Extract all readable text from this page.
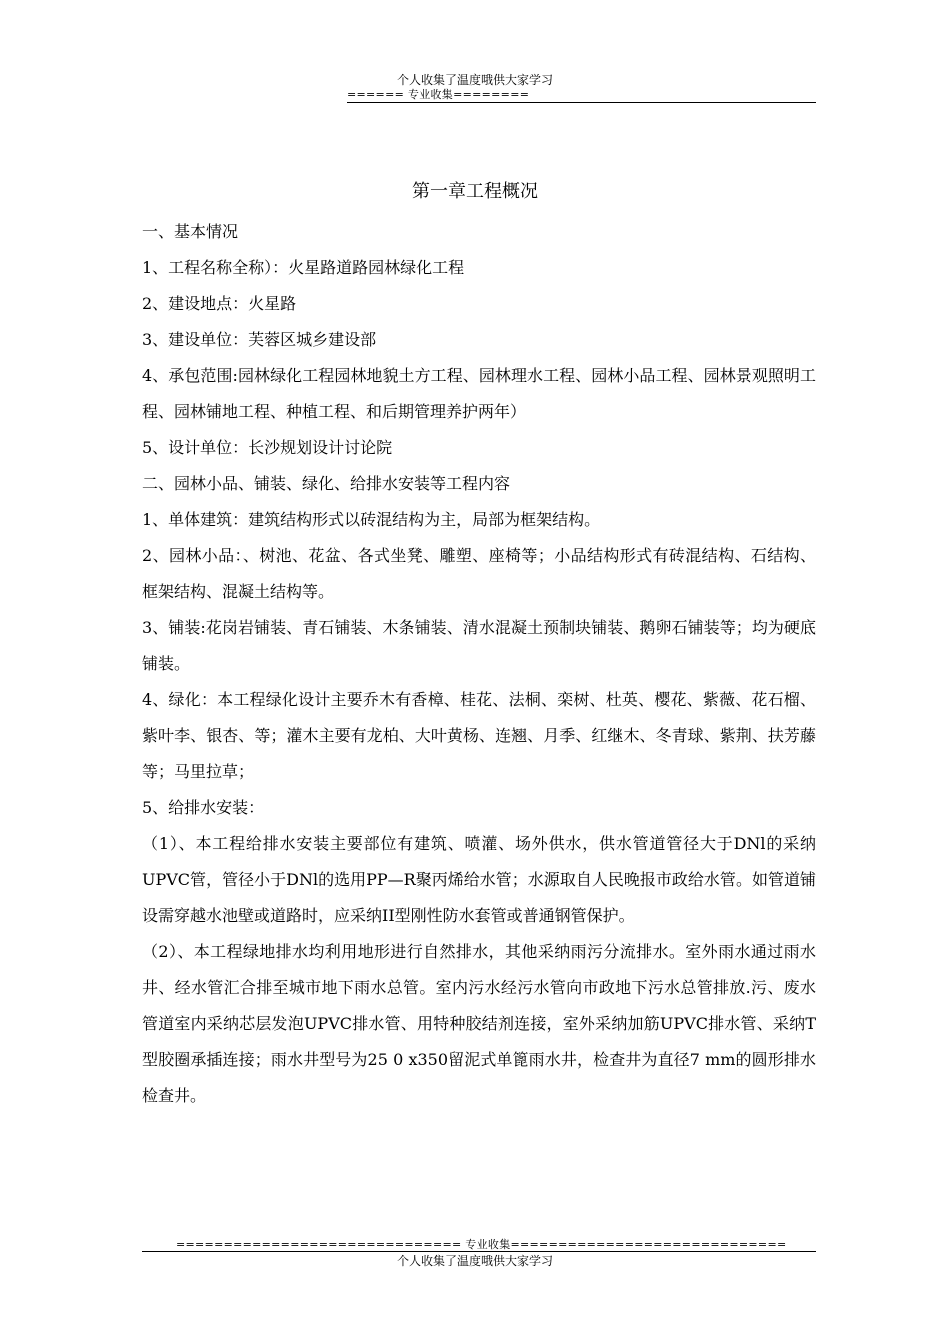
个人收集了温度哦供大家学习
====== 专业收集========
第一章工程概况

一、基本情况

1、工程名称全称）：火星路道路园林绿化工程

2、建设地点：火星路

3、建设单位：芙蓉区城乡建设部

4、承包范围:园林绿化工程园林地貌土方工程、园林理水工程、园林小品工程、园林景观照明工程、园林铺地工程、种植工程、和后期管理养护两年）

5、设计单位：长沙规划设计讨论院

二、园林小品、铺装、绿化、给排水安装等工程内容

1、单体建筑：建筑结构形式以砖混结构为主，局部为框架结构。

2、园林小品：、树池、花盆、各式坐凳、雕塑、座椅等；小品结构形式有砖混结构、石结构、框架结构、混凝土结构等。

3、铺装:花岗岩铺装、青石铺装、木条铺装、清水混凝土预制块铺装、鹅卵石铺装等；均为硬底铺装。

4、绿化：本工程绿化设计主要乔木有香樟、桂花、法桐、栾树、杜英、樱花、紫薇、花石榴、紫叶李、银杏、等；灌木主要有龙柏、大叶黄杨、连翘、月季、红继木、冬青球、紫荆、扶芳藤等；马里拉草；

5、给排水安装：

（1）、本工程给排水安装主要部位有建筑、喷灌、场外供水，供水管道管径大于DNl的采纳UPVC管，管径小于DNl的选用PP—R聚丙烯给水管；水源取自人民晚报市政给水管。如管道铺设需穿越水池壁或道路时，应采纳II型刚性防水套管或普通钢管保护。

（2）、本工程绿地排水均利用地形进行自然排水，其他采纳雨污分流排水。室外雨水通过雨水井、经水管汇合排至城市地下雨水总管。室内污水经污水管向市政地下污水总管排放.污、废水管道室内采纳芯层发泡UPVC排水管、用特种胶结剂连接，室外采纳加筋UPVC排水管、采纳T型胶圈承插连接；雨水井型号为25 0 x350留泥式单篦雨水井，检查井为直径7 mm的圆形排水检查井。

============================== 专业收集=============================
个人收集了温度哦供大家学习
